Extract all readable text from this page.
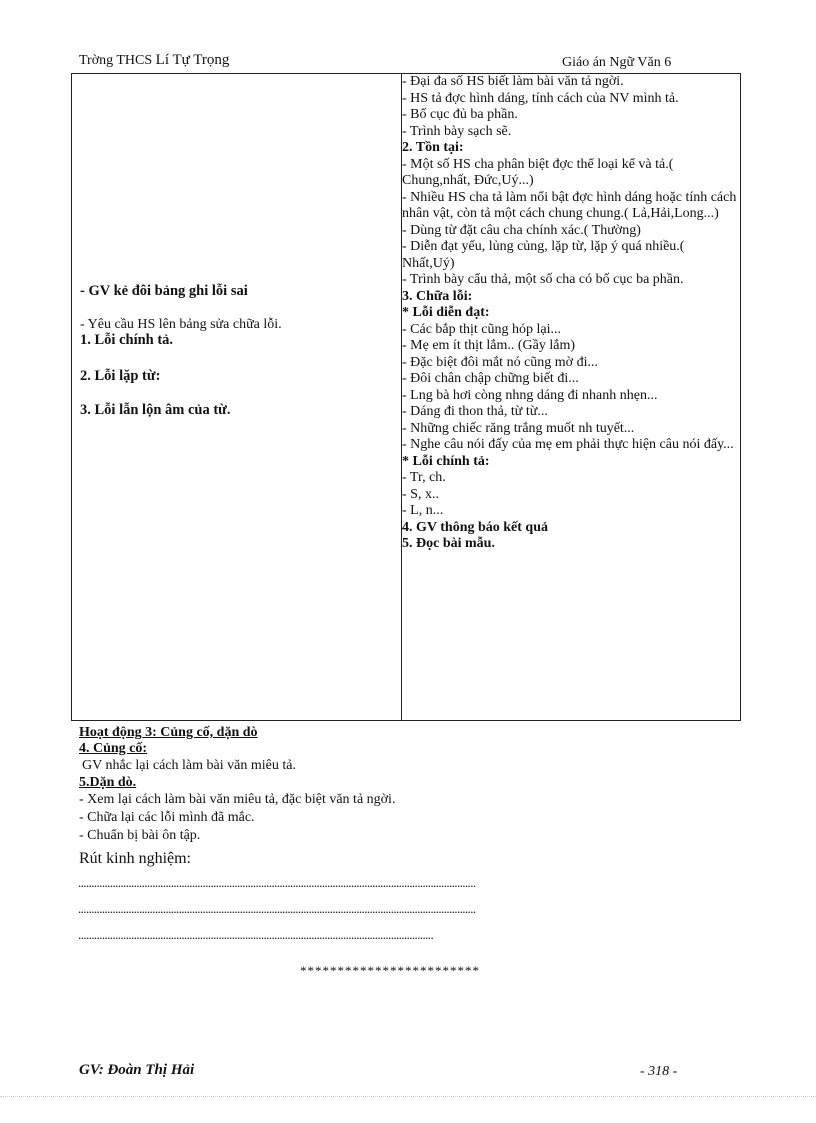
Trờng THCS Lí Tự Trọng	Giáo án Ngữ Văn 6
- GV kẻ đôi bảng ghi lỗi sai
- Yêu cầu HS lên bảng sửa chữa lỗi.
1. Lỗi chính tả.
2. Lỗi lặp từ:
3. Lỗi lẫn lộn âm của từ.

- Đại đa số HS biết làm bài văn tả ngời.

- HS tả đợc hình dáng, tính cách của NV mình tả.

- Bố cục đủ ba phần.

- Trình bày sạch sẽ.

2. Tồn tại:

- Một số HS cha phân biệt đợc thể loại kể và tả.( Chung,nhất, Đức,Uý...)

- Nhiều HS cha tả làm nổi bật đợc hình dáng hoặc tính cách nhân vật, còn tả một cách chung chung.( Lả,Hải,Long...)

- Dùng từ đặt câu cha chính xác.( Thường)

- Diễn đạt yếu, lủng củng, lặp từ, lặp ý quá nhiều.( Nhất,Uý)

- Trình bày cẩu thả, một số cha có bố cục ba phần.

3. Chữa lỗi:

* Lỗi diễn đạt:

- Các bắp thịt cũng hóp lại...

- Mẹ em ít thịt lắm.. (Gầy lắm)

- Đặc biệt đôi mắt nó cũng mờ đi...

- Đôi chân chập chững biết đi...

- Lng bà hơi còng nhng dáng đi nhanh nhẹn...

- Dáng đi thon thả, từ từ...

- Những chiếc răng trắng muốt nh tuyết...

- Nghe câu nói đấy của mẹ em phải thực hiện câu nói đấy...

* Lỗi chính tả:

- Tr, ch.

- S, x..

- L, n...

4. GV thông báo kết quả

5. Đọc bài mẫu.

Hoạt động 3: Củng cố, dặn dò
4. Củng cố:
GV nhắc lại cách làm bài văn miêu tả.
5.Dặn dò.
- Xem lại cách làm bài văn miêu tả, đặc biệt văn tả ngời.
- Chữa lại các lỗi mình đã mắc.
- Chuẩn bị bài ôn tập.
Rút kinh nghiệm:
......................................................................................................................................................
......................................................................................................................................................
......................................................................................................................................
************************
GV: Đoàn Thị Hải	- 318 -
